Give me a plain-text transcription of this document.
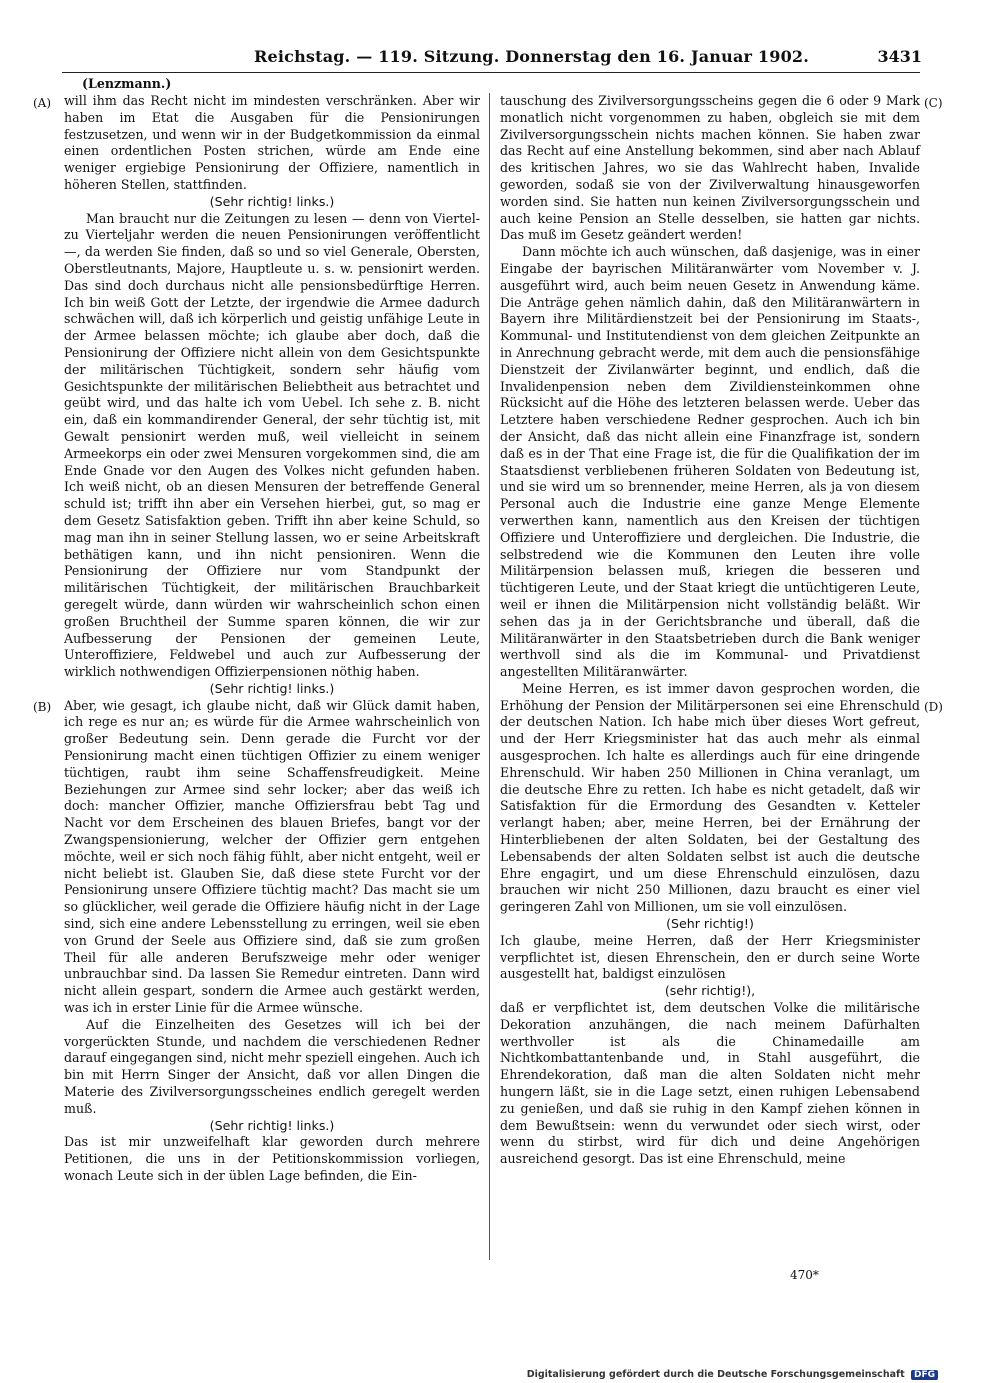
Reichstag. — 119. Sitzung. Donnerstag den 16. Januar 1902.	3431
(Lenzmann.)
(A)
(B)
(C)
(D)

will ihm das Recht nicht im mindesten verschränken. Aber wir haben im Etat die Ausgaben für die Pensionirungen festzusetzen, und wenn wir in der Budgetkommission da einmal einen ordentlichen Posten strichen, würde am Ende eine weniger ergiebige Pensionirung der Offiziere, namentlich in höheren Stellen, stattfinden.

(Sehr richtig! links.)

Man braucht nur die Zeitungen zu lesen — denn von Viertel- zu Vierteljahr werden die neuen Pensionirungen veröffentlicht —, da werden Sie finden, daß so und so viel Generale, Obersten, Oberstleutnants, Majore, Hauptleute u. s. w. pensionirt werden. Das sind doch durchaus nicht alle pensionsbedürftige Herren. Ich bin weiß Gott der Letzte, der irgendwie die Armee dadurch schwächen will, daß ich körperlich und geistig unfähige Leute in der Armee belassen möchte; ich glaube aber doch, daß die Pensionirung der Offiziere nicht allein von dem Gesichtspunkte der militärischen Tüchtigkeit, sondern sehr häufig vom Gesichtspunkte der militärischen Beliebtheit aus betrachtet und geübt wird, und das halte ich vom Uebel. Ich sehe z. B. nicht ein, daß ein kommandirender General, der sehr tüchtig ist, mit Gewalt pensionirt werden muß, weil vielleicht in seinem Armeekorps ein oder zwei Mensuren vorgekommen sind, die am Ende Gnade vor den Augen des Volkes nicht gefunden haben. Ich weiß nicht, ob an diesen Mensuren der betreffende General schuld ist; trifft ihn aber ein Versehen hierbei, gut, so mag er dem Gesetz Satisfaktion geben. Trifft ihn aber keine Schuld, so mag man ihn in seiner Stellung lassen, wo er seine Arbeitskraft bethätigen kann, und ihn nicht pensioniren. Wenn die Pensionirung der Offiziere nur vom Standpunkt der militärischen Tüchtigkeit, der militärischen Brauchbarkeit geregelt würde, dann würden wir wahrscheinlich schon einen großen Bruchtheil der Summe sparen können, die wir zur Aufbesserung der Pensionen der gemeinen Leute, Unteroffiziere, Feldwebel und auch zur Aufbesserung der wirklich nothwendigen Offizierpensionen nöthig haben.

(Sehr richtig! links.)

Aber, wie gesagt, ich glaube nicht, daß wir Glück damit haben, ich rege es nur an; es würde für die Armee wahrscheinlich von großer Bedeutung sein. Denn gerade die Furcht vor der Pensionirung macht einen tüchtigen Offizier zu einem weniger tüchtigen, raubt ihm seine Schaffensfreudigkeit. Meine Beziehungen zur Armee sind sehr locker; aber das weiß ich doch: mancher Offizier, manche Offiziersfrau bebt Tag und Nacht vor dem Erscheinen des blauen Briefes, bangt vor der Zwangspensionierung, welcher der Offizier gern entgehen möchte, weil er sich noch fähig fühlt, aber nicht entgeht, weil er nicht beliebt ist. Glauben Sie, daß diese stete Furcht vor der Pensionirung unsere Offiziere tüchtig macht? Das macht sie um so glücklicher, weil gerade die Offiziere häufig nicht in der Lage sind, sich eine andere Lebensstellung zu erringen, weil sie eben von Grund der Seele aus Offiziere sind, daß sie zum großen Theil für alle anderen Berufszweige mehr oder weniger unbrauchbar sind. Da lassen Sie Remedur eintreten. Dann wird nicht allein gespart, sondern die Armee auch gestärkt werden, was ich in erster Linie für die Armee wünsche.

Auf die Einzelheiten des Gesetzes will ich bei der vorgerückten Stunde, und nachdem die verschiedenen Redner darauf eingegangen sind, nicht mehr speziell eingehen. Auch ich bin mit Herrn Singer der Ansicht, daß vor allen Dingen die Materie des Zivilversorgungsscheines endlich geregelt werden muß.

(Sehr richtig! links.)

Das ist mir unzweifelhaft klar geworden durch mehrere Petitionen, die uns in der Petitionskommission vorliegen, wonach Leute sich in der üblen Lage befinden, die Ein-

tauschung des Zivilversorgungsscheins gegen die 6 oder 9 Mark monatlich nicht vorgenommen zu haben, obgleich sie mit dem Zivilversorgungsschein nichts machen können. Sie haben zwar das Recht auf eine Anstellung bekommen, sind aber nach Ablauf des kritischen Jahres, wo sie das Wahlrecht haben, Invalide geworden, sodaß sie von der Zivilverwaltung hinausgeworfen worden sind. Sie hatten nun keinen Zivilversorgungsschein und auch keine Pension an Stelle desselben, sie hatten gar nichts. Das muß im Gesetz geändert werden!

Dann möchte ich auch wünschen, daß dasjenige, was in einer Eingabe der bayrischen Militäranwärter vom November v. J. ausgeführt wird, auch beim neuen Gesetz in Anwendung käme. Die Anträge gehen nämlich dahin, daß den Militäranwärtern in Bayern ihre Militärdienstzeit bei der Pensionirung im Staats-, Kommunal- und Institutendienst von dem gleichen Zeitpunkte an in Anrechnung gebracht werde, mit dem auch die pensionsfähige Dienstzeit der Zivilanwärter beginnt, und endlich, daß die Invalidenpension neben dem Zivildiensteinkommen ohne Rücksicht auf die Höhe des letzteren belassen werde. Ueber das Letztere haben verschiedene Redner gesprochen. Auch ich bin der Ansicht, daß das nicht allein eine Finanzfrage ist, sondern daß es in der That eine Frage ist, die für die Qualifikation der im Staatsdienst verbliebenen früheren Soldaten von Bedeutung ist, und sie wird um so brennender, meine Herren, als ja von diesem Personal auch die Industrie eine ganze Menge Elemente verwerthen kann, namentlich aus den Kreisen der tüchtigen Offiziere und Unteroffiziere und dergleichen. Die Industrie, die selbstredend wie die Kommunen den Leuten ihre volle Militärpension belassen muß, kriegen die besseren und tüchtigeren Leute, und der Staat kriegt die untüchtigeren Leute, weil er ihnen die Militärpension nicht vollständig beläßt. Wir sehen das ja in der Gerichtsbranche und überall, daß die Militäranwärter in den Staatsbetrieben durch die Bank weniger werthvoll sind als die im Kommunal- und Privatdienst angestellten Militäranwärter.

Meine Herren, es ist immer davon gesprochen worden, die Erhöhung der Pension der Militärpersonen sei eine Ehrenschuld der deutschen Nation. Ich habe mich über dieses Wort gefreut, und der Herr Kriegsminister hat das auch mehr als einmal ausgesprochen. Ich halte es allerdings auch für eine dringende Ehrenschuld. Wir haben 250 Millionen in China veranlagt, um die deutsche Ehre zu retten. Ich habe es nicht getadelt, daß wir Satisfaktion für die Ermordung des Gesandten v. Ketteler verlangt haben; aber, meine Herren, bei der Ernährung der Hinterbliebenen der alten Soldaten, bei der Gestaltung des Lebensabends der alten Soldaten selbst ist auch die deutsche Ehre engagirt, und um diese Ehrenschuld einzulösen, dazu brauchen wir nicht 250 Millionen, dazu braucht es einer viel geringeren Zahl von Millionen, um sie voll einzulösen.

(Sehr richtig!)

Ich glaube, meine Herren, daß der Herr Kriegsminister verpflichtet ist, diesen Ehrenschein, den er durch seine Worte ausgestellt hat, baldigst einzulösen

(sehr richtig!),

daß er verpflichtet ist, dem deutschen Volke die militärische Dekoration anzuhängen, die nach meinem Dafürhalten werthvoller ist als die Chinamedaille am Nichtkombattantenbande und, in Stahl ausgeführt, die Ehrendekoration, daß man die alten Soldaten nicht mehr hungern läßt, sie in die Lage setzt, einen ruhigen Lebensabend zu genießen, und daß sie ruhig in den Kampf ziehen können in dem Bewußtsein: wenn du verwundet oder siech wirst, oder wenn du stirbst, wird für dich und deine Angehörigen ausreichend gesorgt. Das ist eine Ehrenschuld, meine

470*
Digitalisierung gefördert durch die Deutsche Forschungsgemeinschaft DFG
